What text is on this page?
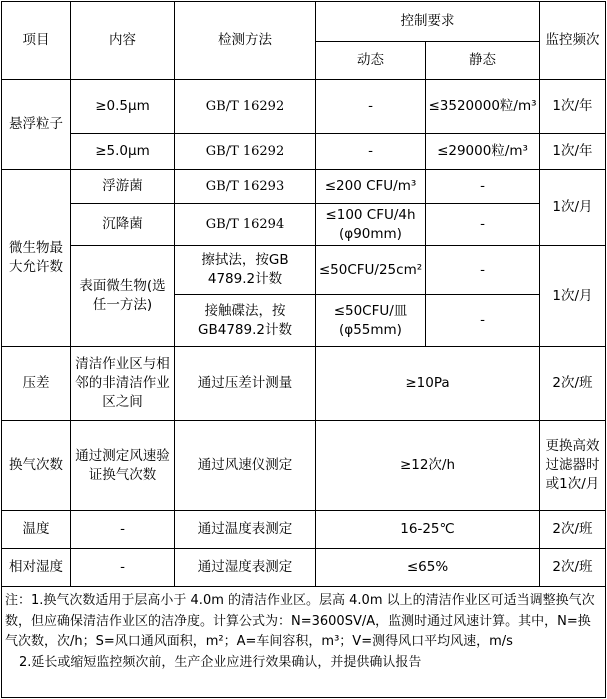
项目	内容	检测方法	控制要求		监控频次
			动态	静态	
悬浮粒子	≥0.5μm	GB/T 16292	-	≤3520000粒/m³	1次/年
	≥5.0μm	GB/T 16292	-	≤29000粒/m³	1次/年
微生物最大允许数	浮游菌	GB/T 16293	≤200 CFU/m³	-	1次/月
	沉降菌	GB/T 16294	≤100 CFU/4h (φ90mm)	-	
	表面微生物(选任一方法)	擦拭法，按GB 4789.2计数	≤50CFU/25cm²	-	1次/月
		接触碟法，按GB4789.2计数	≤50CFU/皿(φ55mm)	-	
压差	清洁作业区与相邻的非清洁作业区之间	通过压差计测量	≥10Pa		2次/班
换气次数	通过测定风速验证换气次数	通过风速仪测定	≥12次/h		更换高效过滤器时或1次/月
温度	-	通过温度表测定	16-25℃		2次/班
相对湿度	-	通过湿度表测定	≤65%		2次/班

注：1.换气次数适用于层高小于 4.0m 的清洁作业区。层高 4.0m 以上的清洁作业区可适当调整换气次数，但应确保清洁作业区的洁净度。计算公式为：N=3600SV/A，监测时通过风速计算。其中，N=换气次数，次/h；S=风口通风面积，m²；A=车间容积，m³；V=测得风口平均风速，m/s
2.延长或缩短监控频次前，生产企业应进行效果确认，并提供确认报告					
